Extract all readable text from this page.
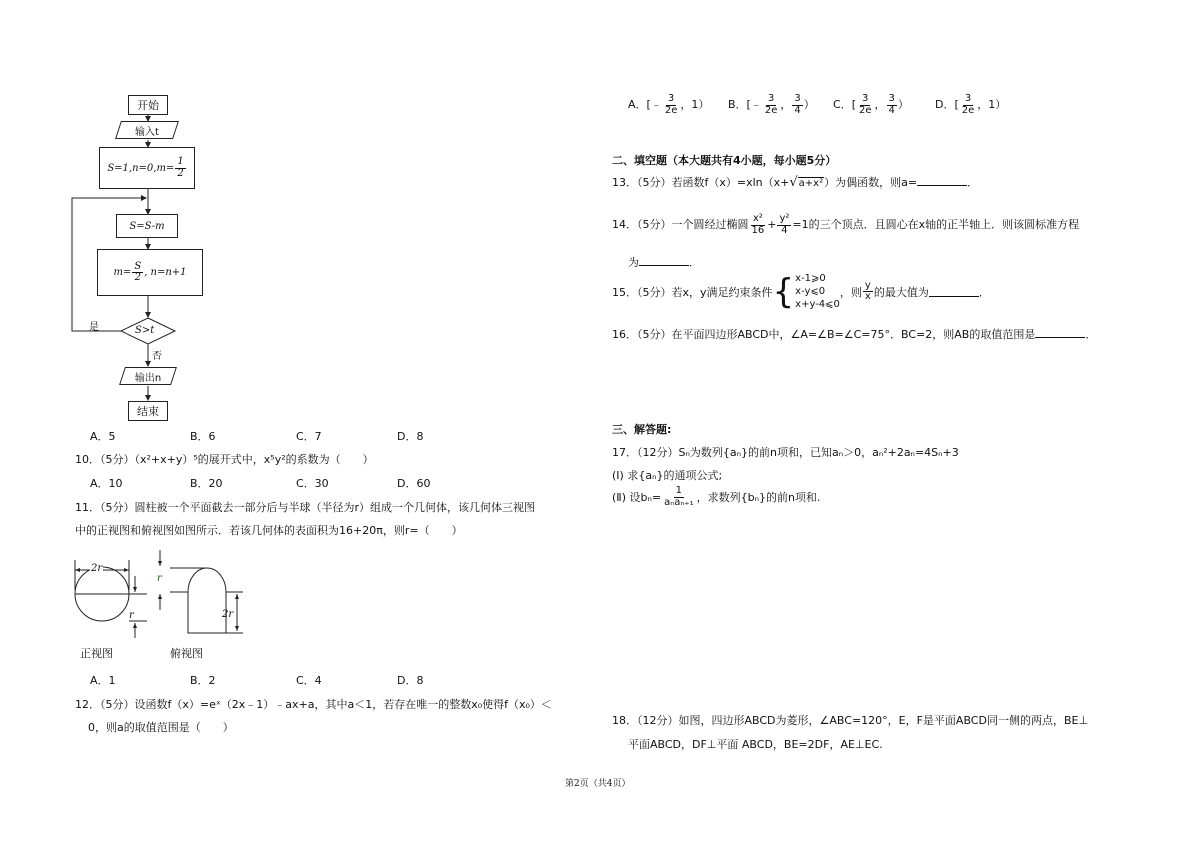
开始
输入t
$S=1,n=0,m= \frac{1}{2}$
S=S-m
$m= \frac{S}{2}$ , n=n+1
S>t
是
否
输出n
结束
A．5	B．6	C．7	D．8
10．（5分）（x²+x+y）⁵的展开式中，x⁵y²的系数为（　　）
A．10	B．20	C．30	D．60
11．（5分）圆柱被一个平面截去一部分后与半球（半径为r）组成一个几何体，该几何体三视图
中的正视图和俯视图如图所示．若该几何体的表面积为16+20π，则r=（　　）
2r
r
r
2r
正视图	俯视图
A．1	B．2	C．4	D．8
12．（5分）设函数f（x）=eˣ（2x﹣1）﹣ax+a，其中a＜1，若存在唯一的整数x₀使得f（x₀）＜
0，则a的取值范围是（　　）
A．[﹣ $\frac{3}{2e}$ ，1） B．[﹣ $\frac{3}{2e}$ ， $\frac{3}{4}$ ） C．[ $\frac{3}{2e}$ ， $\frac{3}{4}$ ） D．[ $\frac{3}{2e}$ ，1）
二、填空题（本大题共有4小题，每小题5分）
13．（5分）若函数f（x）=xln（x+√a+x²）为偶函数，则a=	．
14．（5分）一个圆经过椭圆 $\frac{\text{x²}}{16} + \frac{\text{y²}}{4} =1$的三个顶点．且圆心在x轴的正半轴上．则该圆标准方程
为	．
15．（5分）若x，y满足约束条件 { x-1⩾0
x-y⩽0
x+y-4⩽0
，则 $\frac{y}{x}$ 的最大值为	．
16．（5分）在平面四边形ABCD中，∠A=∠B=∠C=75°．BC=2，则AB的取值范围是	．
三、解答题:
17．（12分）Sₙ为数列{aₙ}的前n项和，已知aₙ＞0，aₙ²+2aₙ=4Sₙ+3
(Ⅰ) 求{aₙ}的通项公式;
(Ⅱ) 设$b_n= \frac{1}{\text{aₙaₙ₊₁}}$ ，求数列{bₙ}的前n项和.
18．（12分）如图，四边形ABCD为菱形，∠ABC=120°，E，F是平面ABCD同一侧的两点，BE⊥
平面ABCD，DF⊥平面 ABCD，BE=2DF，AE⊥EC.
第2页（共4页）
